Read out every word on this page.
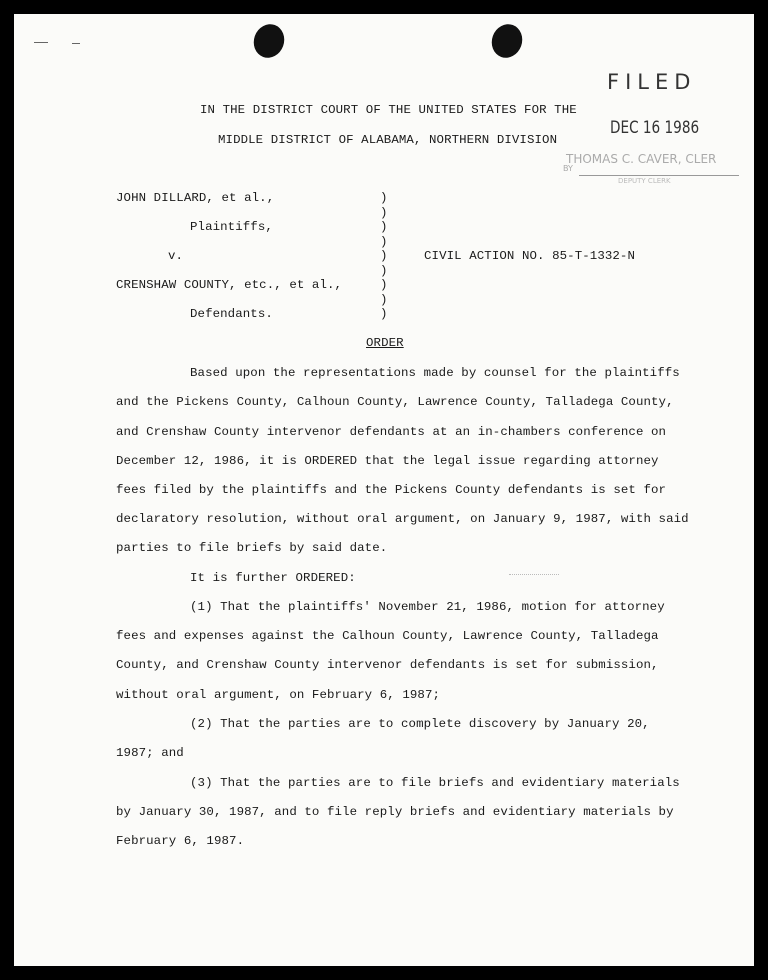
FILED
DEC 16 1986
THOMAS C. CAVER, CLER
BY
DEPUTY CLERK
IN THE DISTRICT COURT OF THE UNITED STATES FOR THE
MIDDLE DISTRICT OF ALABAMA, NORTHERN DIVISION
JOHN DILLARD, et al.,
Plaintiffs,
v.
CRENSHAW COUNTY, etc., et al.,
Defendants.
)
)
)
)
)
)
)
)
)
CIVIL ACTION NO. 85-T-1332-N
ORDER
Based upon the representations made by counsel for the plaintiffs
and the Pickens County, Calhoun County, Lawrence County, Talladega County,
and Crenshaw County intervenor defendants at an in-chambers conference on
December 12, 1986, it is ORDERED that the legal issue regarding attorney
fees filed by the plaintiffs and the Pickens County defendants is set for
declaratory resolution, without oral argument, on January 9, 1987, with said
parties to file briefs by said date.
It is further ORDERED:
(1) That the plaintiffs' November 21, 1986, motion for attorney
fees and expenses against the Calhoun County, Lawrence County, Talladega
County, and Crenshaw County intervenor defendants is set for submission,
without oral argument, on February 6, 1987;
(2) That the parties are to complete discovery by January 20,
1987; and
(3) That the parties are to file briefs and evidentiary materials
by January 30, 1987, and to file reply briefs and evidentiary materials by
February 6, 1987.
